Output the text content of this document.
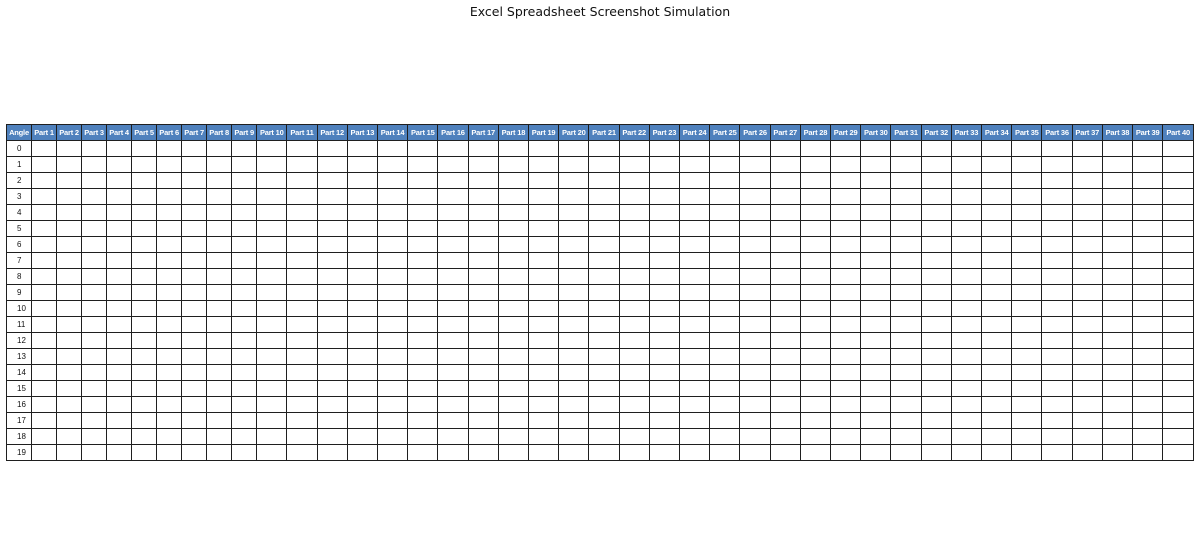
Excel Spreadsheet Screenshot Simulation
Angle	Part 1	Part 2	Part 3	Part 4	Part 5	Part 6	Part 7	Part 8	Part 9	Part 10	Part 11	Part 12	Part 13	Part 14	Part 15	Part 16	Part 17	Part 18	Part 19	Part 20	Part 21	Part 22	Part 23	Part 24	Part 25	Part 26	Part 27	Part 28	Part 29	Part 30	Part 31	Part 32	Part 33	Part 34	Part 35	Part 36	Part 37	Part 38	Part 39	Part 40
0																																								
1																																								
2																																								
3																																								
4																																								
5																																								
6																																								
7																																								
8																																								
9																																								
10																																								
11																																								
12																																								
13																																								
14																																								
15																																								
16																																								
17																																								
18																																								
19																																								
